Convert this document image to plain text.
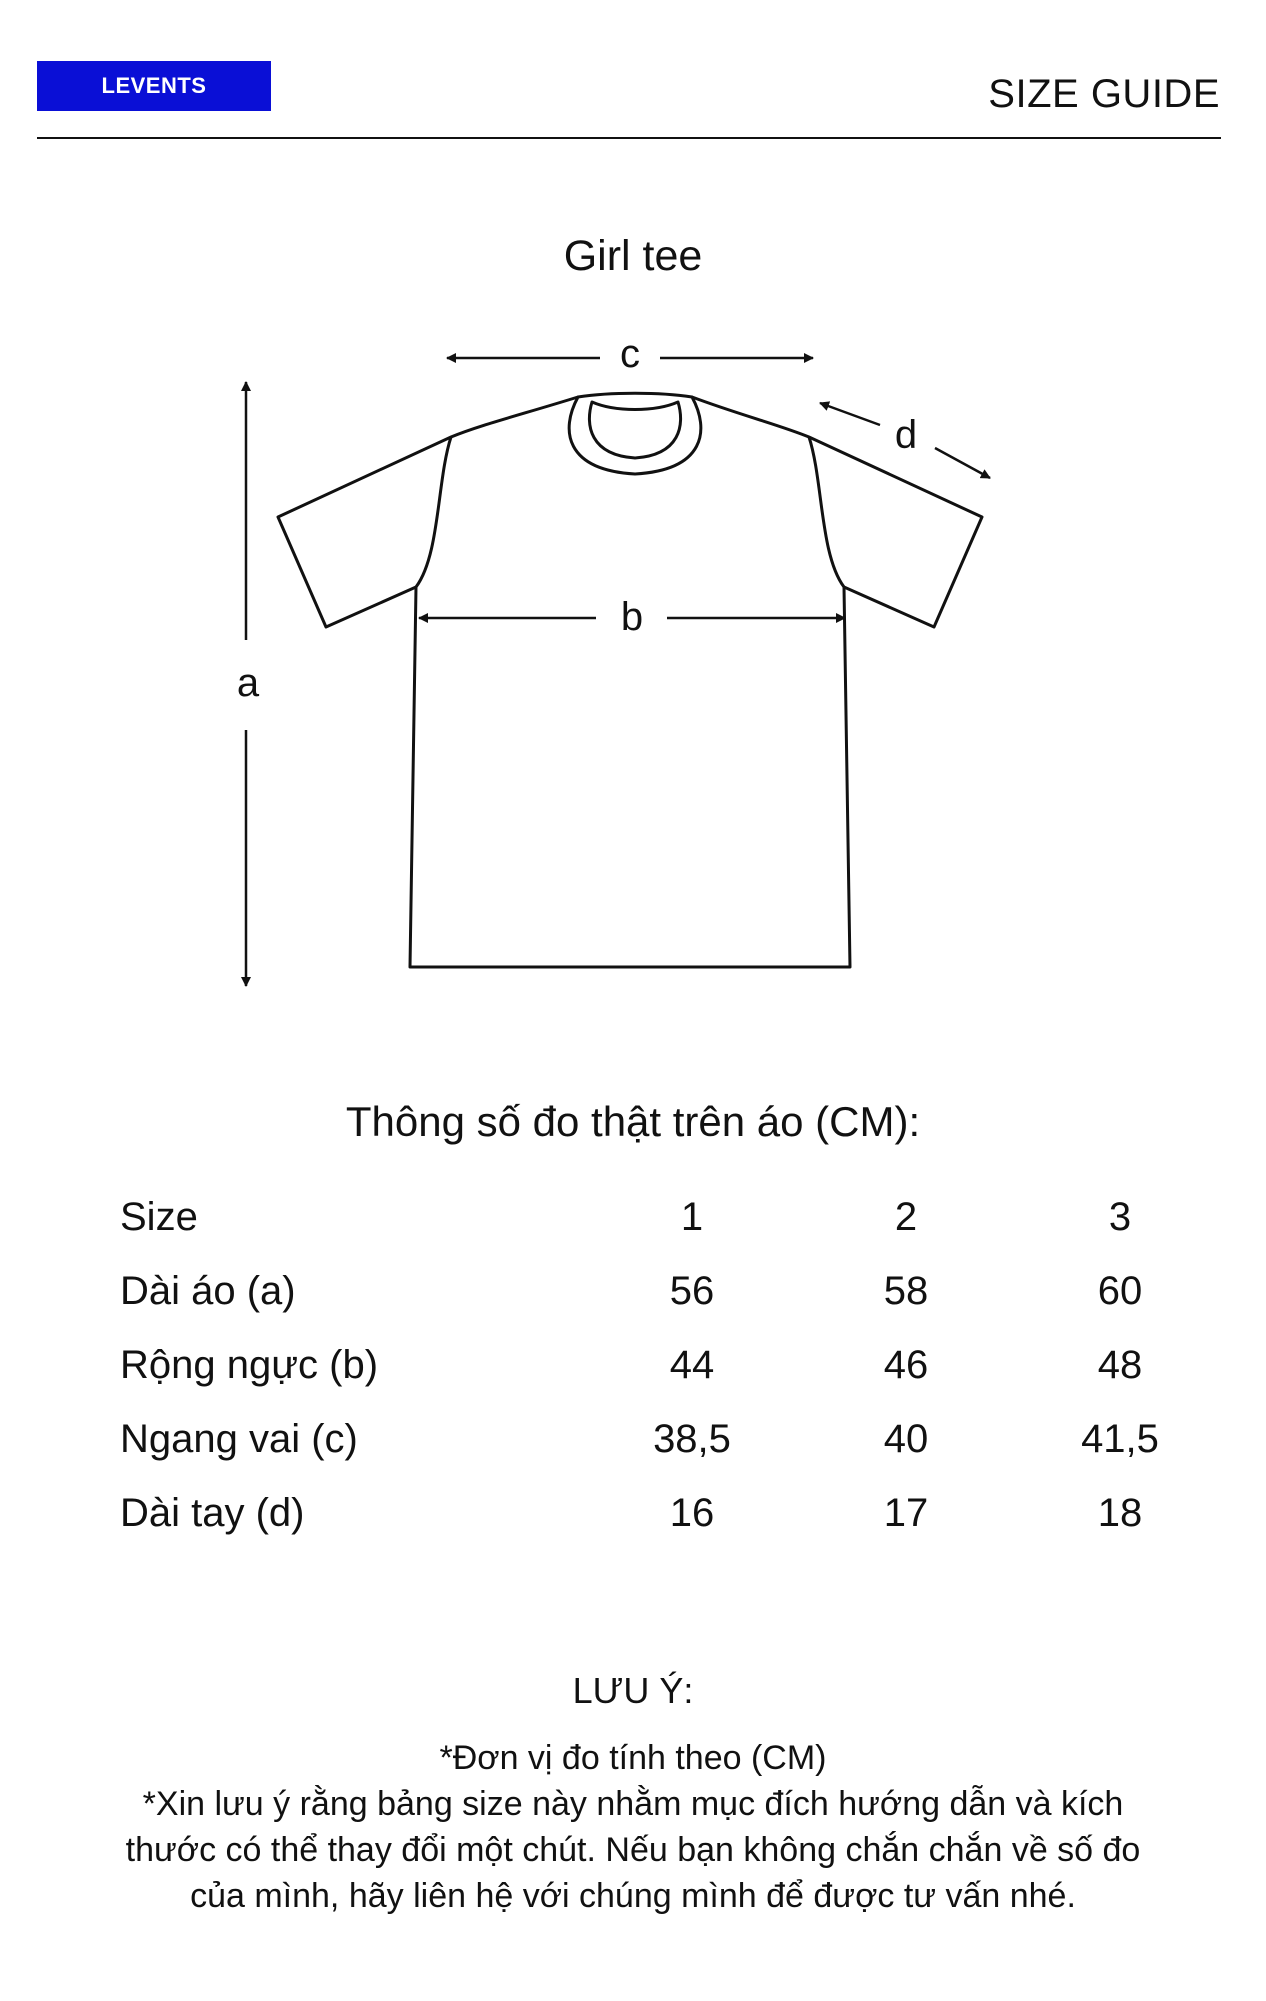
LEVENTS	SIZE GUIDE
Girl tee
a
b
c
d
Thông số đo thật trên áo (CM):
Size	1	2	3
Dài áo (a)	56	58	60
Rộng ngực (b)	44	46	48
Ngang vai (c)	38,5	40	41,5
Dài tay (d)	16	17	18
LƯU Ý:
*Đơn vị đo tính theo (CM)
*Xin lưu ý rằng bảng size này nhằm mục đích hướng dẫn và kích
thước có thể thay đổi một chút. Nếu bạn không chắn chắn về số đo
của mình, hãy liên hệ với chúng mình để được tư vấn nhé.
